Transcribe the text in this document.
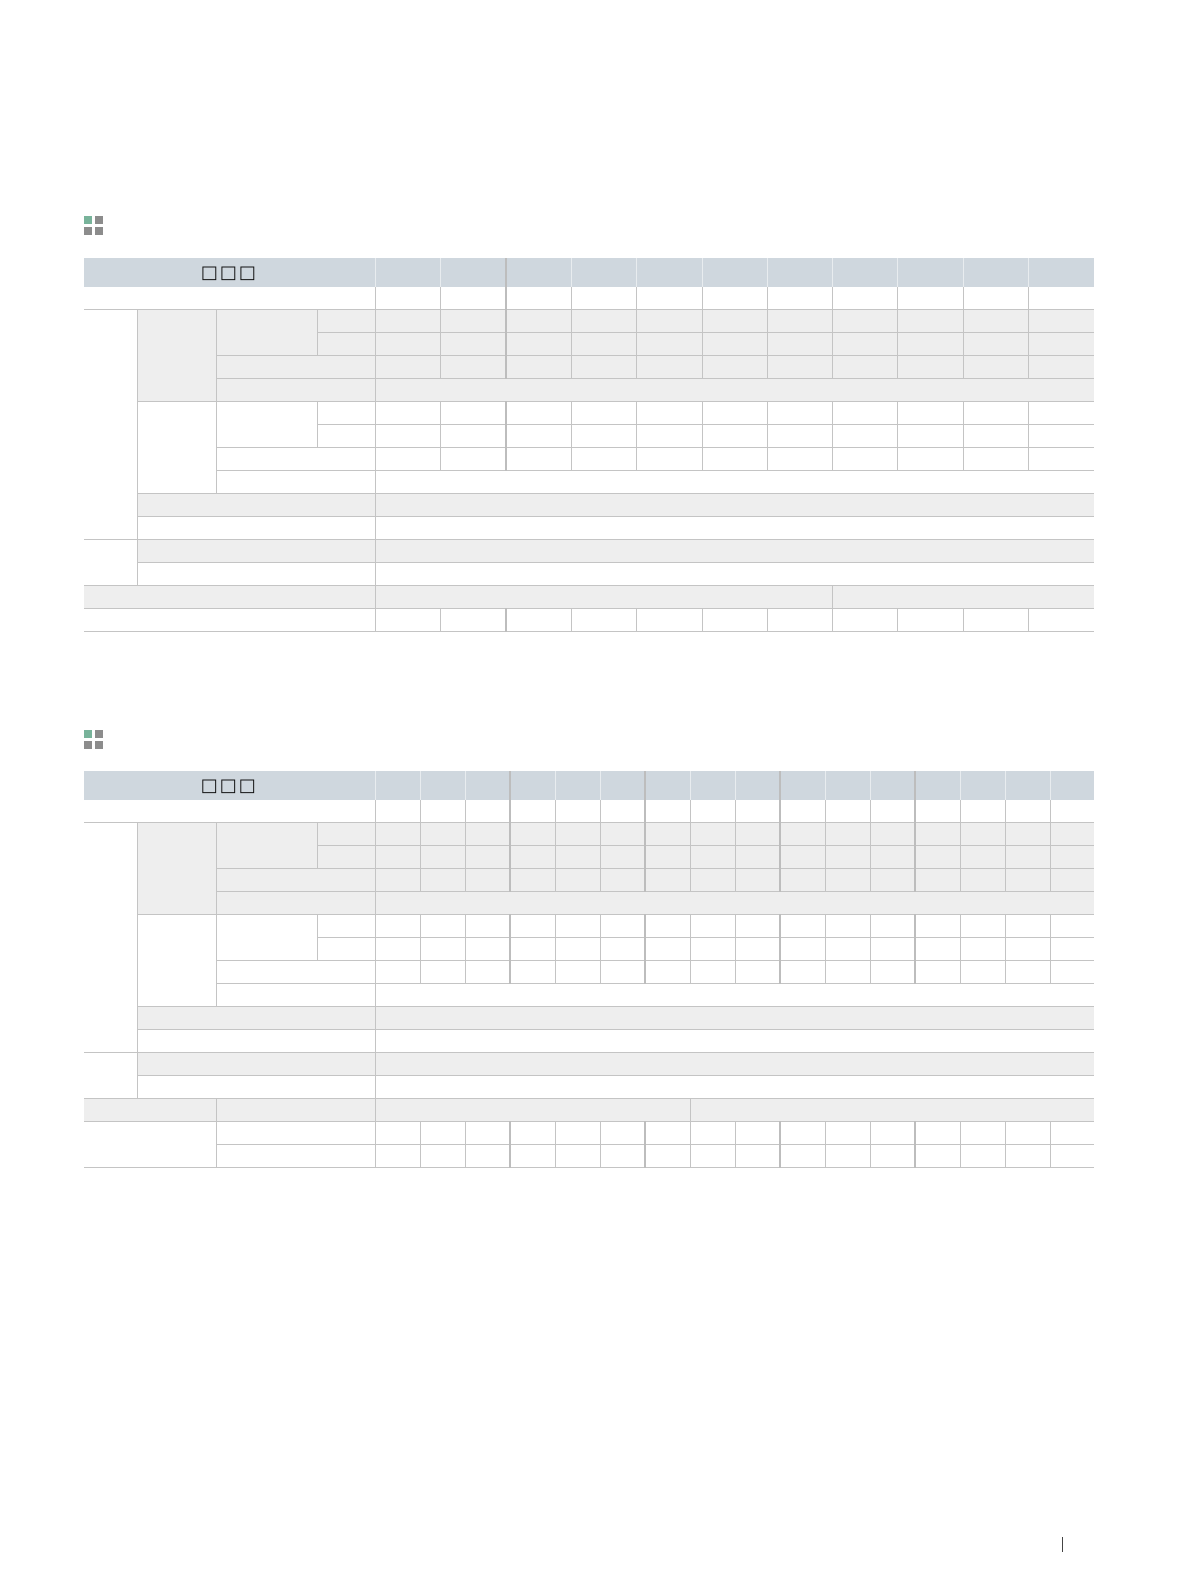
□□□														

□□□																			
